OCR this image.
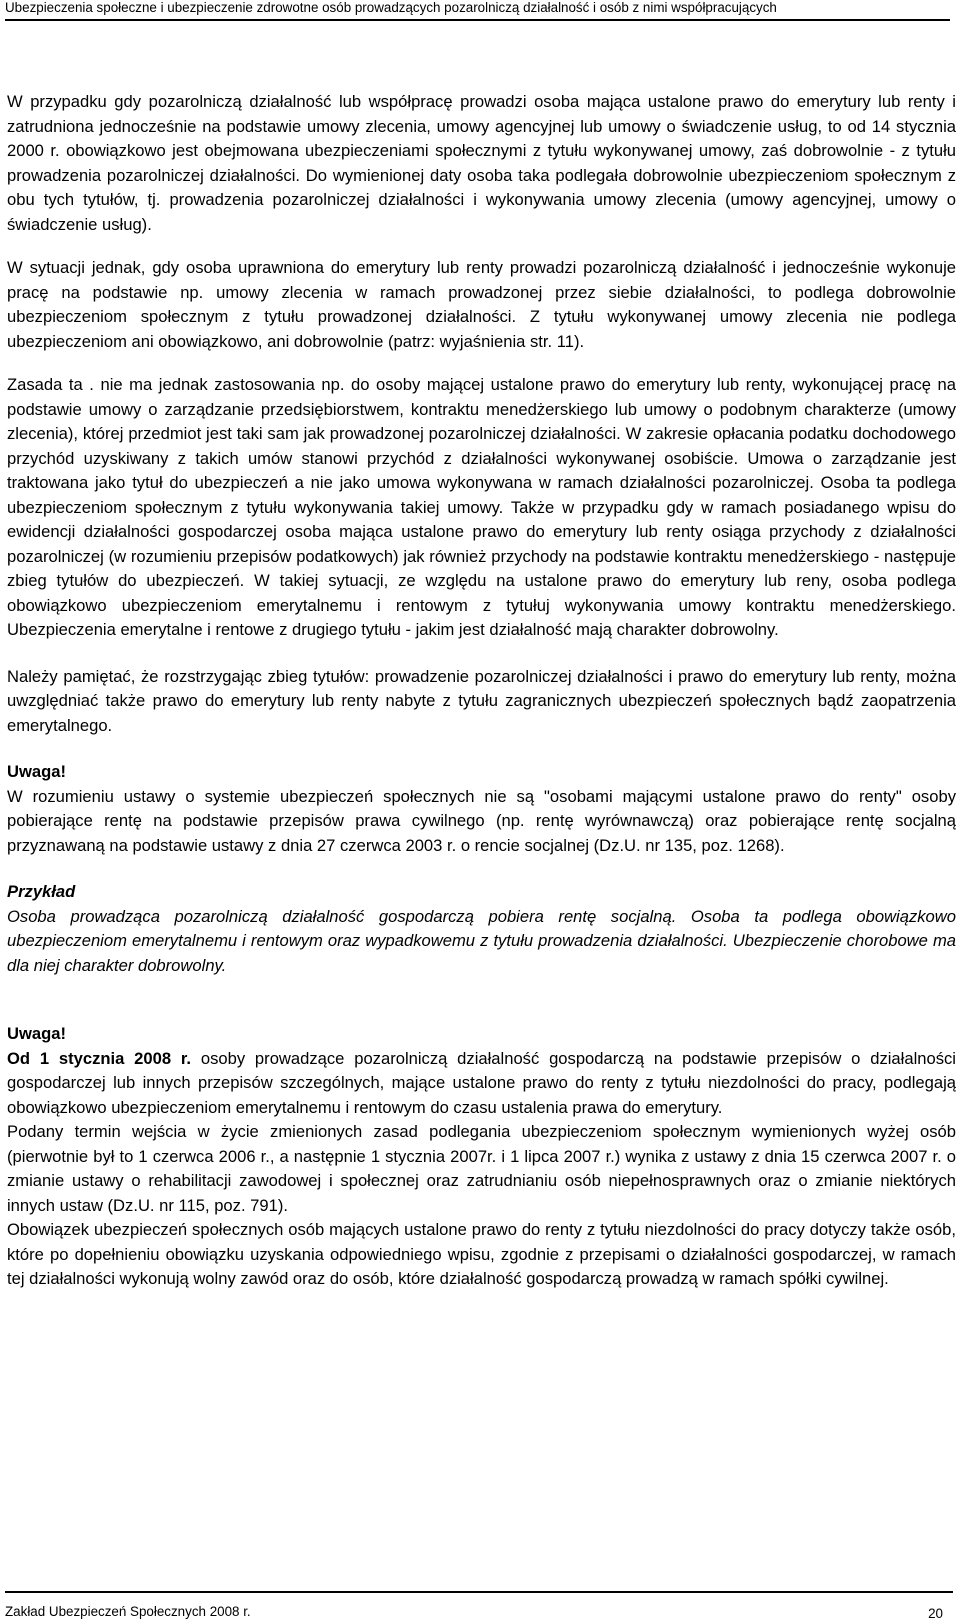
Ubezpieczenia społeczne i ubezpieczenie zdrowotne osób prowadzących pozarolniczą działalność i osób z nimi współpracujących

W przypadku gdy pozarolniczą działalność lub współpracę prowadzi osoba mająca ustalone prawo do emerytury lub renty i zatrudniona jednocześnie na podstawie umowy zlecenia, umowy agencyjnej lub umowy o świadczenie usług, to od 14 stycznia 2000 r. obowiązkowo jest obejmowana ubezpieczeniami społecznymi z tytułu wykonywanej umowy, zaś dobrowolnie - z tytułu prowadzenia pozarolniczej działalności. Do wymienionej daty osoba taka podlegała dobrowolnie ubezpieczeniom społecznym z obu tych tytułów, tj. prowadzenia pozarolniczej działalności i wykonywania umowy zlecenia (umowy agencyjnej, umowy o świadczenie usług).

W sytuacji jednak, gdy osoba uprawniona do emerytury lub renty prowadzi pozarolniczą działalność i jednocześnie wykonuje pracę na podstawie np. umowy zlecenia w ramach prowadzonej przez siebie działalności, to podlega dobrowolnie ubezpieczeniom społecznym z tytułu prowadzonej działalności. Z tytułu wykonywanej umowy zlecenia nie podlega ubezpieczeniom ani obowiązkowo, ani dobrowolnie (patrz: wyjaśnienia str. 11).

Zasada ta . nie ma jednak zastosowania np. do osoby mającej ustalone prawo do emerytury lub renty, wykonującej pracę na podstawie umowy o zarządzanie przedsiębiorstwem, kontraktu menedżerskiego lub umowy o podobnym charakterze (umowy zlecenia), której przedmiot jest taki sam jak prowadzonej pozarolniczej działalności. W zakresie opłacania podatku dochodowego przychód uzyskiwany z takich umów stanowi przychód z działalności wykonywanej osobiście. Umowa o zarządzanie jest traktowana jako tytuł do ubezpieczeń a nie jako umowa wykonywana w ramach działalności pozarolniczej. Osoba ta podlega ubezpieczeniom społecznym z tytułu wykonywania takiej umowy. Także w przypadku gdy w ramach posiadanego wpisu do ewidencji działalności gospodarczej osoba mająca ustalone prawo do emerytury lub renty osiąga przychody z działalności pozarolniczej (w rozumieniu przepisów podatkowych) jak również przychody na podstawie kontraktu menedżerskiego - następuje zbieg tytułów do ubezpieczeń. W takiej sytuacji, ze względu na ustalone prawo do emerytury lub reny, osoba podlega obowiązkowo ubezpieczeniom emerytalnemu i rentowym z tytułuj wykonywania umowy kontraktu menedżerskiego. Ubezpieczenia emerytalne i rentowe z drugiego tytułu - jakim jest działalność mają charakter dobrowolny.

Należy pamiętać, że rozstrzygając zbieg tytułów: prowadzenie pozarolniczej działalności i prawo do emerytury lub renty, można uwzględniać także prawo do emerytury lub renty nabyte z tytułu zagranicznych ubezpieczeń społecznych bądź zaopatrzenia emerytalnego.

Uwaga!

W rozumieniu ustawy o systemie ubezpieczeń społecznych nie są "osobami mającymi ustalone prawo do renty" osoby pobierające rentę na podstawie przepisów prawa cywilnego (np. rentę wyrównawczą) oraz pobierające rentę socjalną przyznawaną na podstawie ustawy z dnia 27 czerwca 2003 r. o rencie socjalnej (Dz.U. nr 135, poz. 1268).

Przykład

Osoba prowadząca pozarolniczą działalność gospodarczą pobiera rentę socjalną. Osoba ta podlega obowiązkowo ubezpieczeniom emerytalnemu i rentowym oraz wypadkowemu z tytułu prowadzenia działalności. Ubezpieczenie chorobowe ma dla niej charakter dobrowolny.

Uwaga!

Od 1 stycznia 2008 r. osoby prowadzące pozarolniczą działalność gospodarczą na podstawie przepisów o działalności gospodarczej lub innych przepisów szczególnych, mające ustalone prawo do renty z tytułu niezdolności do pracy, podlegają obowiązkowo ubezpieczeniom emerytalnemu i rentowym do czasu ustalenia prawa do emerytury.

Podany termin wejścia w życie zmienionych zasad podlegania ubezpieczeniom społecznym wymienionych wyżej osób (pierwotnie był to 1 czerwca 2006 r., a następnie 1 stycznia 2007r. i 1 lipca 2007 r.) wynika z ustawy z dnia 15 czerwca 2007 r. o zmianie ustawy o rehabilitacji zawodowej i społecznej oraz zatrudnianiu osób niepełnosprawnych oraz o zmianie niektórych innych ustaw (Dz.U. nr 115, poz. 791).

Obowiązek ubezpieczeń społecznych osób mających ustalone prawo do renty z tytułu niezdolności do pracy dotyczy także osób, które po dopełnieniu obowiązku uzyskania odpowiedniego wpisu, zgodnie z przepisami o działalności gospodarczej, w ramach tej działalności wykonują wolny zawód oraz do osób, które działalność gospodarczą prowadzą w ramach spółki cywilnej.

Zakład Ubezpieczeń Społecznych 2008 r.	20
